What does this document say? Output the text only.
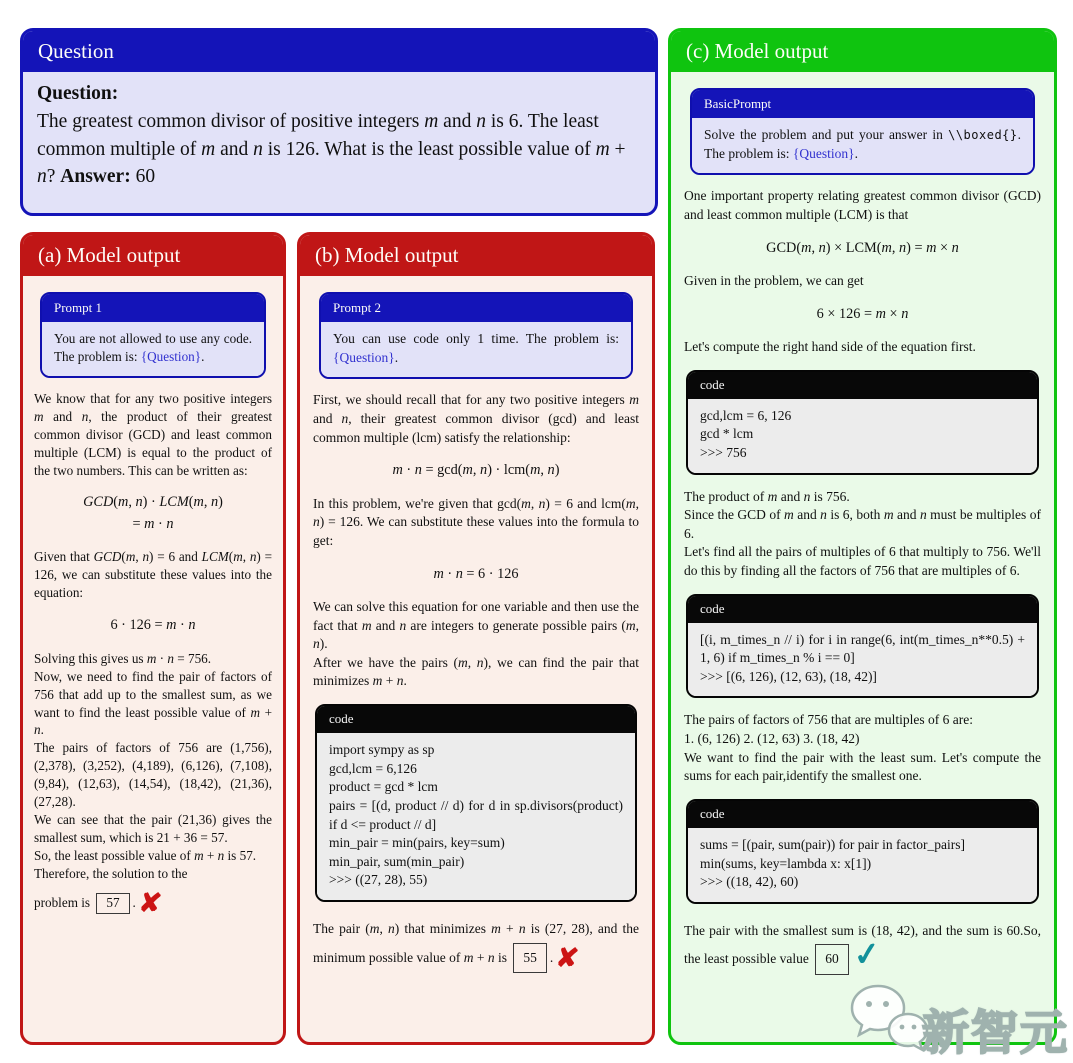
Question
Question:
The greatest common divisor of positive integers m and n is 6. The least common multiple of m and n is 126. What is the least possible value of m + n? Answer: 60
(a) Model output
Prompt 1
You are not allowed to use any code. The problem is: {Question}.
We know that for any two positive integers m and n, the product of their greatest common divisor (GCD) and least common multiple (LCM) is equal to the product of the two numbers. This can be written as:
GCD(m, n) · LCM(m, n)
= m · n
Given that GCD(m, n) = 6 and LCM(m, n) = 126, we can substitute these values into the equation:
6 · 126 = m · n
Solving this gives us m · n = 756.
Now, we need to find the pair of factors of 756 that add up to the smallest sum, as we want to find the least possible value of m + n.
The pairs of factors of 756 are (1,756), (2,378), (3,252), (4,189), (6,126), (7,108), (9,84), (12,63), (14,54), (18,42), (21,36), (27,28).
We can see that the pair (21,36) gives the smallest sum, which is 21 + 36 = 57.
So, the least possible value of m + n is 57.
Therefore, the solution to the
problem is 57 .✘
(b) Model output
Prompt 2
You can use code only 1 time. The problem is: {Question}.
First, we should recall that for any two positive integers m and n, their greatest common divisor (gcd) and least common multiple (lcm) satisfy the relationship:
m · n = gcd(m, n) · lcm(m, n)
In this problem, we're given that gcd(m, n) = 6 and lcm(m, n) = 126. We can substitute these values into the formula to get:
m · n = 6 · 126
We can solve this equation for one variable and then use the fact that m and n are integers to generate possible pairs (m, n).
After we have the pairs (m, n), we can find the pair that minimizes m + n.
code
import sympy as sp
gcd,lcm = 6,126
product = gcd * lcm
pairs = [(d, product // d) for d in sp.divisors(product) if d <= product // d]
min_pair = min(pairs, key=sum)
min_pair, sum(min_pair)
>>> ((27, 28), 55)
The pair (m, n) that minimizes m + n is (27, 28), and the minimum possible value of m + n is 55 .✘
(c) Model output
BasicPrompt
Solve the problem and put your answer in \\boxed{}. The problem is: {Question}.
One important property relating greatest common divisor (GCD) and least common multiple (LCM) is that
GCD(m, n) × LCM(m, n) = m × n
Given in the problem, we can get
6 × 126 = m × n
Let's compute the right hand side of the equation first.
code
gcd,lcm = 6, 126
gcd * lcm
>>> 756
The product of m and n is 756.
Since the GCD of m and n is 6, both m and n must be multiples of 6.
Let's find all the pairs of multiples of 6 that multiply to 756. We'll do this by finding all the factors of 756 that are multiples of 6.
code
[(i, m_times_n // i) for i in range(6, int(m_times_n**0.5) + 1, 6) if m_times_n % i == 0]
>>> [(6, 126), (12, 63), (18, 42)]
The pairs of factors of 756 that are multiples of 6 are:
1. (6, 126) 2. (12, 63) 3. (18, 42)
We want to find the pair with the least sum. Let's compute the sums for each pair,identify the smallest one.
code
sums = [(pair, sum(pair)) for pair in factor_pairs]
min(sums, key=lambda x: x[1])
>>> ((18, 42), 60)
The pair with the smallest sum is (18, 42), and the sum is 60.So, the least possible value 60 ✓
新智元
